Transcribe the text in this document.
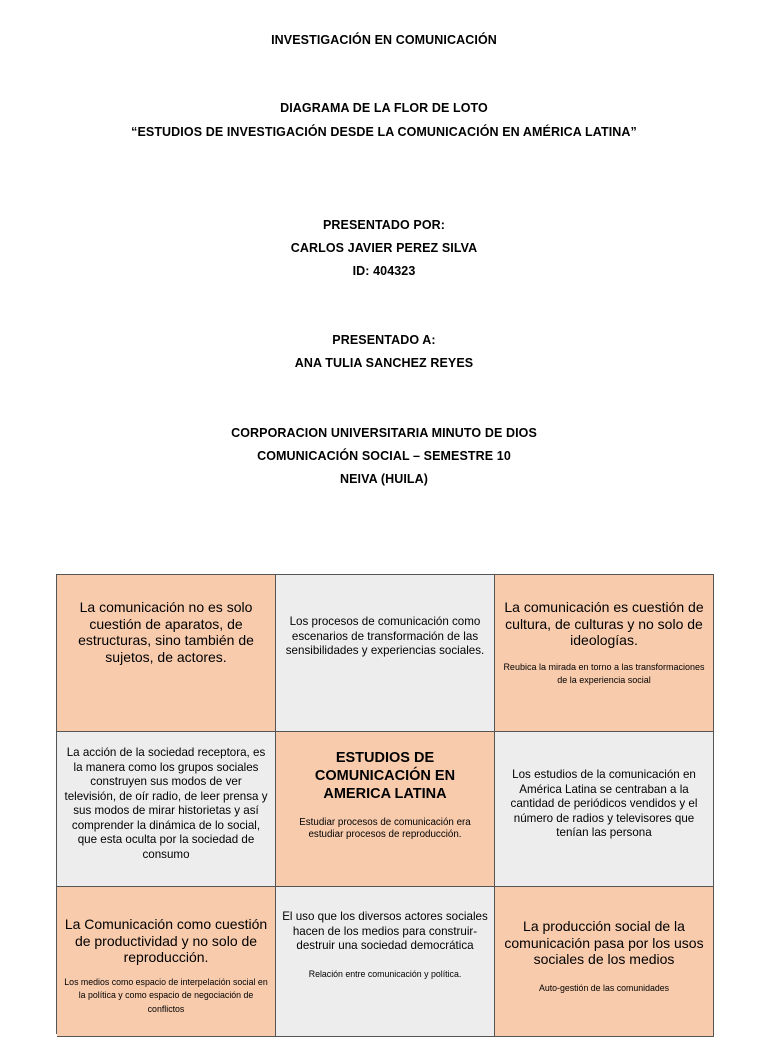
INVESTIGACIÓN EN COMUNICACIÓN
DIAGRAMA DE LA FLOR DE LOTO
“ESTUDIOS DE INVESTIGACIÓN DESDE LA COMUNICACIÓN EN AMÉRICA LATINA”
PRESENTADO POR:
CARLOS JAVIER PEREZ SILVA
ID: 404323
PRESENTADO A:
ANA TULIA SANCHEZ REYES
CORPORACION UNIVERSITARIA MINUTO DE DIOS
COMUNICACIÓN SOCIAL – SEMESTRE 10
NEIVA (HUILA)
La comunicación no es solo cuestión de aparatos, de estructuras, sino también de sujetos, de actores.
Los procesos de comunicación como escenarios de transformación de las sensibilidades y experiencias sociales.
La comunicación es cuestión de cultura, de culturas y no solo de ideologías.
Reubica la mirada en torno a las transformaciones de la experiencia social
La acción de la sociedad receptora, es la manera como los grupos sociales construyen sus modos de ver televisión, de oír radio, de leer prensa y sus modos de mirar historietas y así comprender la dinámica de lo social, que esta oculta por la sociedad de consumo
ESTUDIOS DE COMUNICACIÓN EN AMERICA LATINA
Estudiar procesos de comunicación era estudiar procesos de reproducción.
Los estudios de la comunicación en América Latina se centraban a la cantidad de periódicos vendidos y el número de radios y televisores que tenían las persona
La Comunicación como cuestión de productividad y no solo de reproducción.
Los medios como espacio de interpelación social en la política y como espacio de negociación de conflictos
El uso que los diversos actores sociales hacen de los medios para construir-destruir una sociedad democrática
Relación entre comunicación y política.
La producción social de la comunicación pasa por los usos sociales de los medios
Auto-gestión de las comunidades
